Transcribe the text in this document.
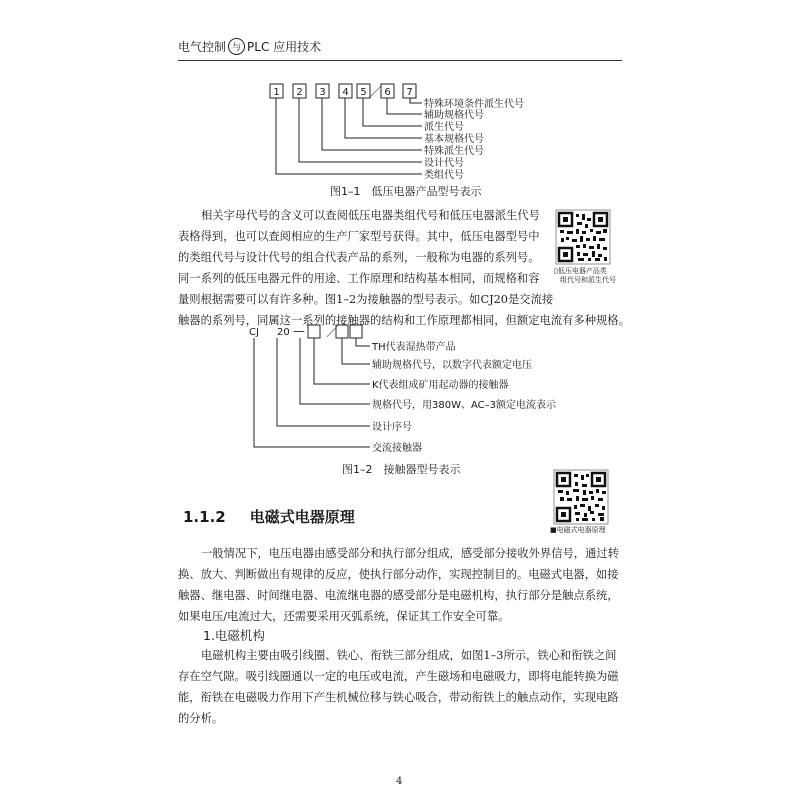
电气控制 与 PLC 应用技术
1 2 3 4 5 6 7
／
特殊环境条件派生代号
辅助规格代号
派生代号
基本规格代号
特殊派生代号
设计代号
类组代号
CJ 20 — ／
TH代表湿热带产品
辅助规格代号，以数字代表额定电压
K代表组成矿用起动器的接触器
规格代号，用380W、AC–3额定电流表示
设计序号
交流接触器
图1–1　低压电器产品型号表示
图1–2　接触器型号表示
▯低压电器产品类
组代号和派生代号
■电磁式电器原理
相关字母代号的含义可以查阅低压电器类组代号和低压电器派生代号
表格得到，也可以查阅相应的生产厂家型号获得。其中，低压电器型号中
的类组代号与设计代号的组合代表产品的系列，一般称为电器的系列号。
同一系列的低压电器元件的用途、工作原理和结构基本相同，而规格和容
量则根据需要可以有许多种。图1–2为接触器的型号表示。如CJ20是交流接
触器的系列号，同属这一系列的接触器的结构和工作原理都相同，但额定电流有多种规格。
1.1.2 电磁式电器原理
一般情况下，电压电器由感受部分和执行部分组成，感受部分接收外界信号，通过转
换、放大、判断做出有规律的反应，使执行部分动作，实现控制目的。电磁式电器，如接
触器、继电器、时间继电器、电流继电器的感受部分是电磁机构，执行部分是触点系统，
如果电压/电流过大，还需要采用灭弧系统，保证其工作安全可靠。
1.电磁机构
电磁机构主要由吸引线圈、铁心、衔铁三部分组成，如图1–3所示，铁心和衔铁之间
存在空气隙。吸引线圈通以一定的电压或电流，产生磁场和电磁吸力，即将电能转换为磁
能，衔铁在电磁吸力作用下产生机械位移与铁心吸合，带动衔铁上的触点动作，实现电路
的分析。
4
